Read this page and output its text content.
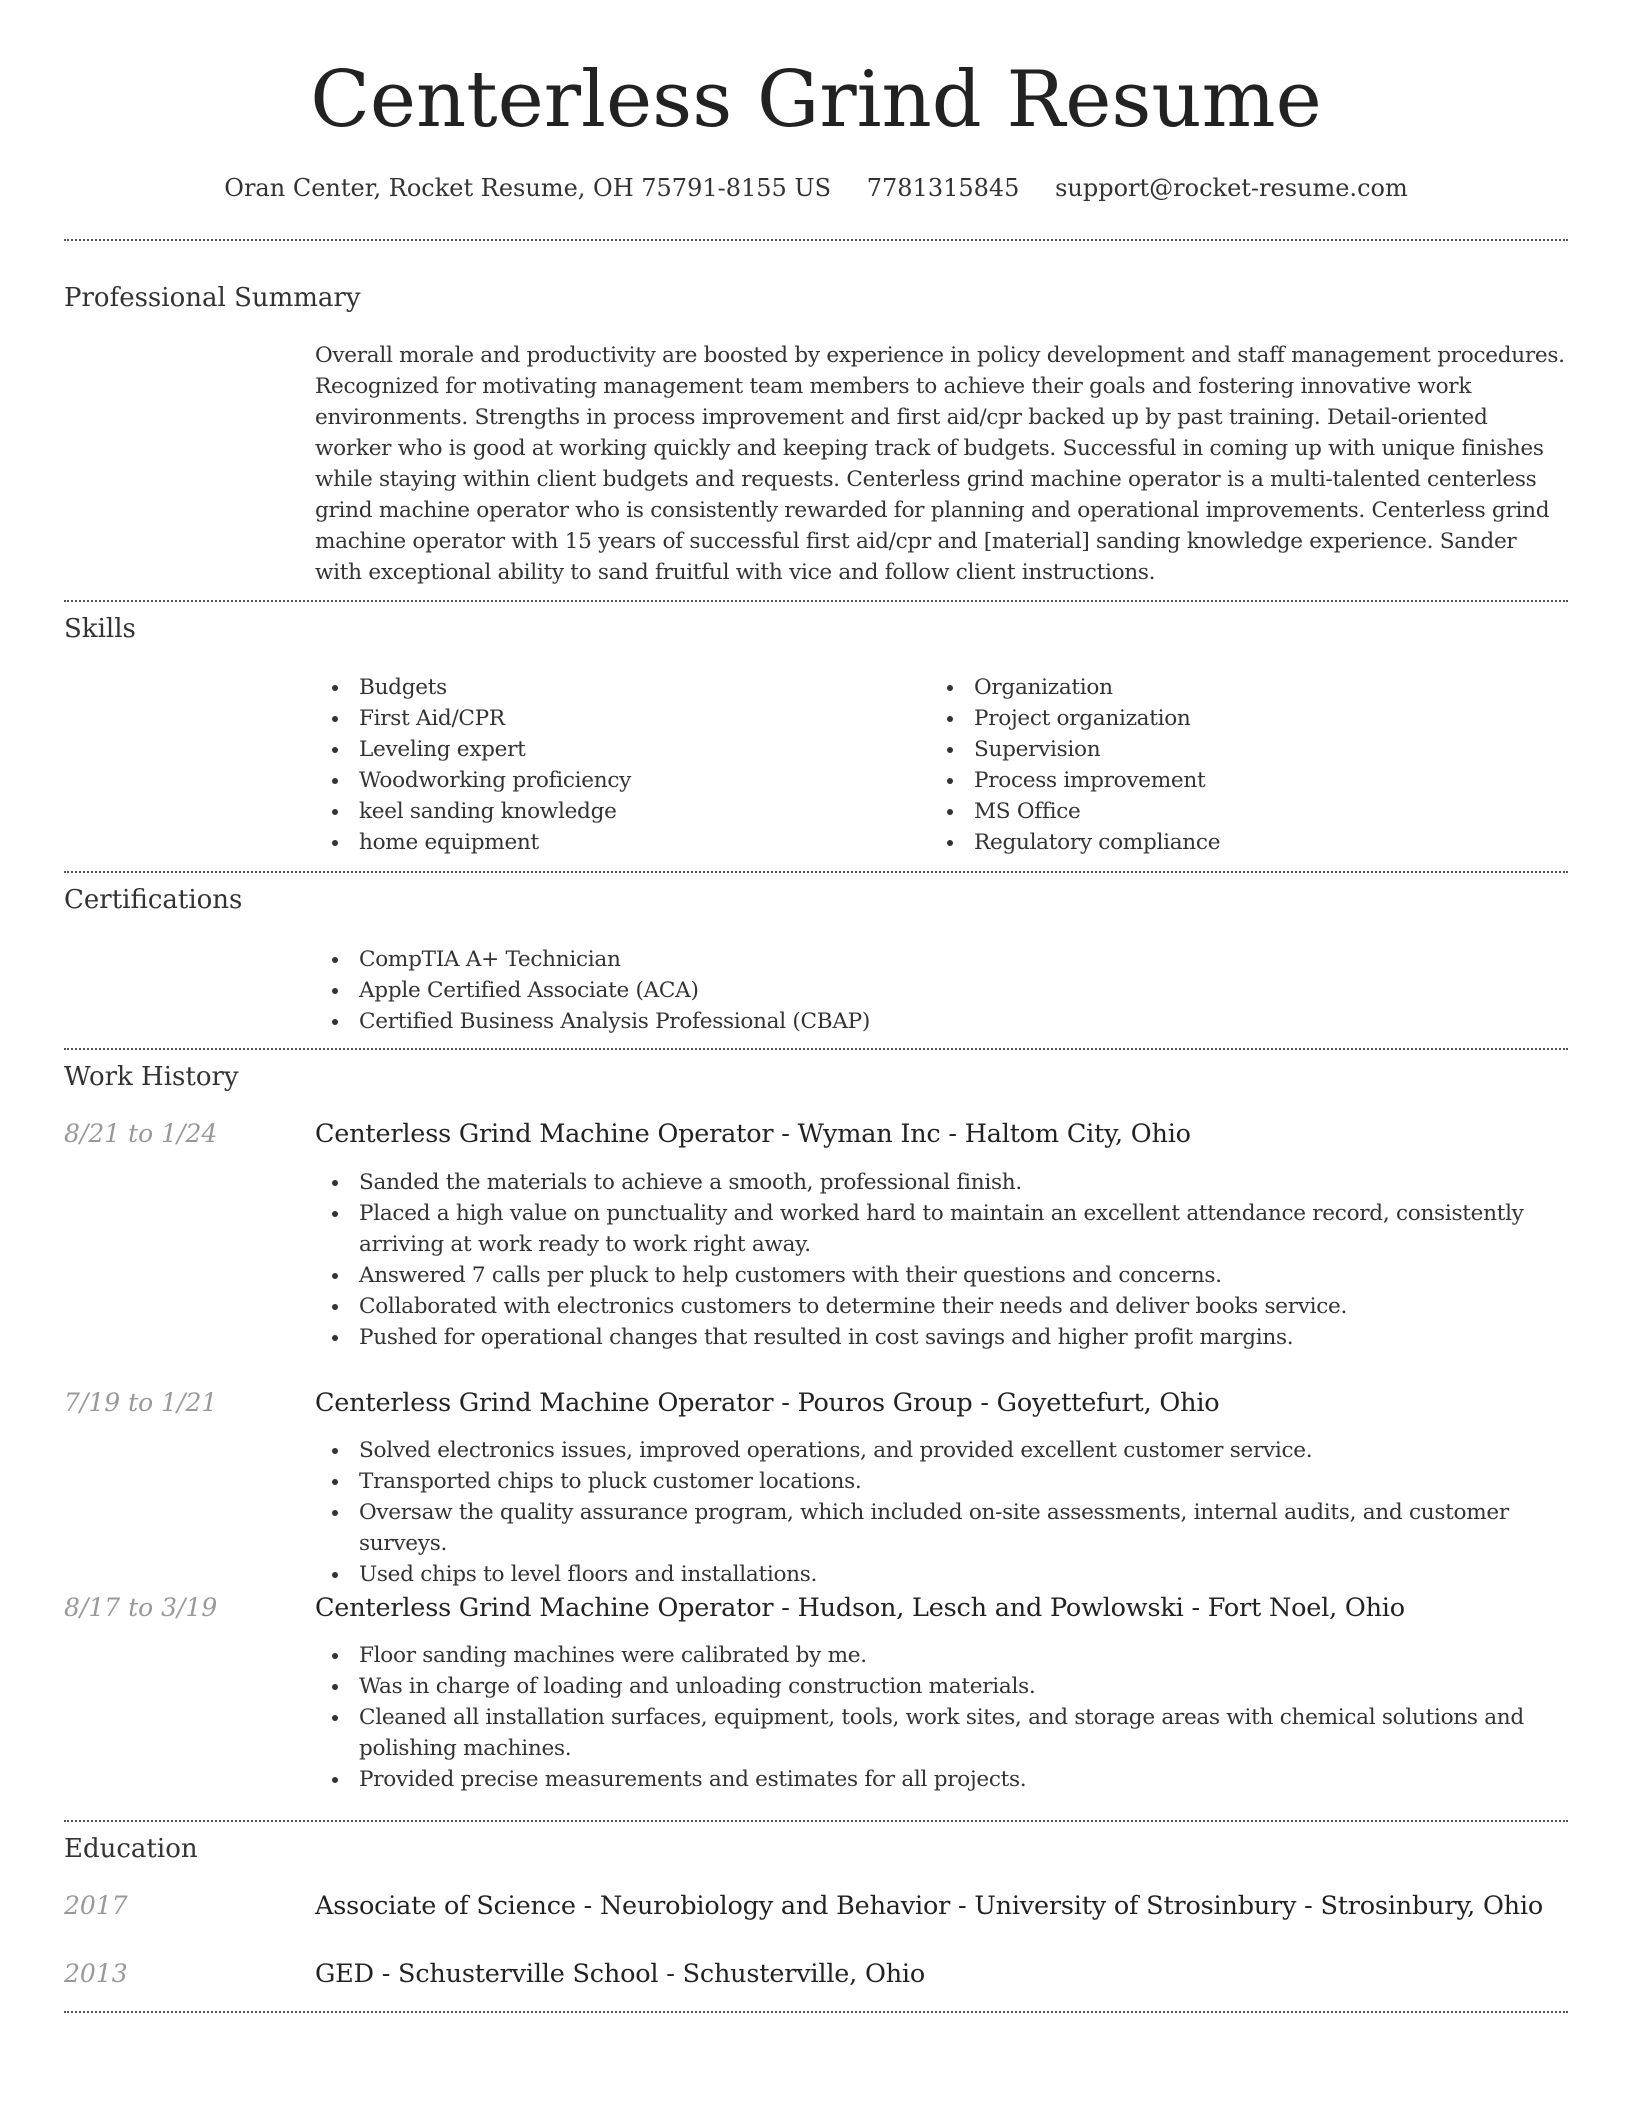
Centerless Grind Resume
Oran Center, Rocket Resume, OH 75791-8155 US 7781315845 support@rocket-resume.com
Professional Summary

Overall morale and productivity are boosted by experience in policy development and staff management procedures. Recognized for motivating management team members to achieve their goals and fostering innovative work environments. Strengths in process improvement and first aid/cpr backed up by past training. Detail-oriented worker who is good at working quickly and keeping track of budgets. Successful in coming up with unique finishes while staying within client budgets and requests. Centerless grind machine operator is a multi-talented centerless grind machine operator who is consistently rewarded for planning and operational improvements. Centerless grind machine operator with 15 years of successful first aid/cpr and [material] sanding knowledge experience. Sander with exceptional ability to sand fruitful with vice and follow client instructions.

Skills
Budgets
First Aid/CPR
Leveling expert
Woodworking proficiency
keel sanding knowledge
home equipment
Organization
Project organization
Supervision
Process improvement
MS Office
Regulatory compliance
Certifications
CompTIA A+ Technician
Apple Certified Associate (ACA)
Certified Business Analysis Professional (CBAP)
Work History
8/21 to 1/24	Centerless Grind Machine Operator - Wyman Inc - Haltom City, Ohio
Sanded the materials to achieve a smooth, professional finish.
Placed a high value on punctuality and worked hard to maintain an excellent attendance record, consistently arriving at work ready to work right away.
Answered 7 calls per pluck to help customers with their questions and concerns.
Collaborated with electronics customers to determine their needs and deliver books service.
Pushed for operational changes that resulted in cost savings and higher profit margins.
7/19 to 1/21	Centerless Grind Machine Operator - Pouros Group - Goyettefurt, Ohio
Solved electronics issues, improved operations, and provided excellent customer service.
Transported chips to pluck customer locations.
Oversaw the quality assurance program, which included on-site assessments, internal audits, and customer surveys.
Used chips to level floors and installations.
8/17 to 3/19	Centerless Grind Machine Operator - Hudson, Lesch and Powlowski - Fort Noel, Ohio
Floor sanding machines were calibrated by me.
Was in charge of loading and unloading construction materials.
Cleaned all installation surfaces, equipment, tools, work sites, and storage areas with chemical solutions and polishing machines.
Provided precise measurements and estimates for all projects.
Education
2017	Associate of Science - Neurobiology and Behavior - University of Strosinbury - Strosinbury, Ohio
2013	GED - Schusterville School - Schusterville, Ohio
